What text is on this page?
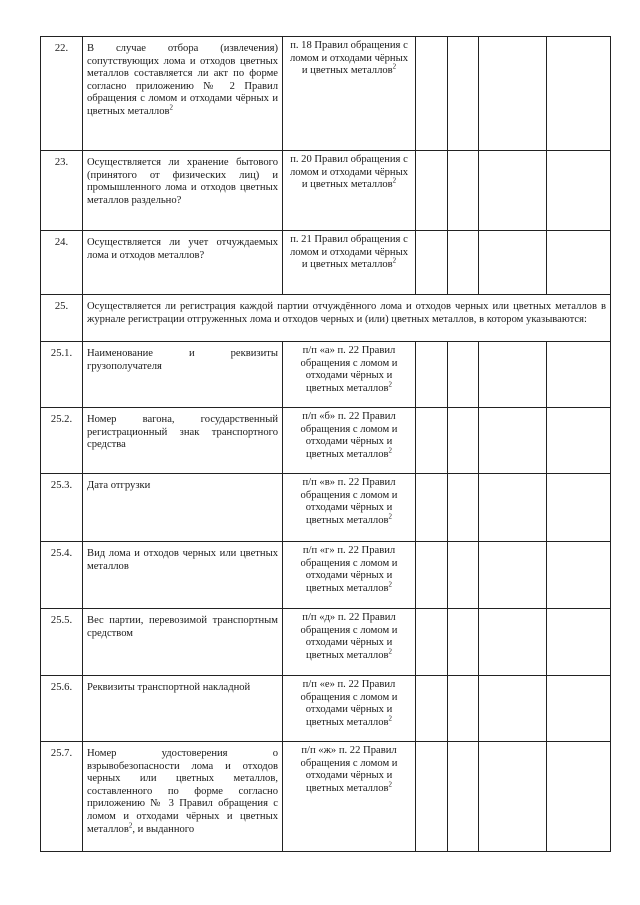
22.	В случае отбора (извлечения) сопутствующих лома и отходов цветных металлов составляется ли акт по форме согласно приложению № 2 Правил обращения с ломом и отходами чёрных и цветных металлов$^2$	п. 18 Правил обращения с ломом и отходами чёрных и цветных металлов$^2$				
23.	Осуществляется ли хранение бытового (принятого от физических лиц) и промышленного лома и отходов цветных металлов раздельно?	п. 20 Правил обращения с ломом и отходами чёрных и цветных металлов$^2$				
24.	Осуществляется ли учет отчуждаемых лома и отходов металлов?	п. 21 Правил обращения с ломом и отходами чёрных и цветных металлов$^2$				
25.	Осуществляется ли регистрация каждой партии отчуждённого лома и отходов черных или цветных металлов в журнале регистрации отгруженных лома и отходов черных и (или) цветных металлов, в котором указываются:					
25.1.	Наименование и реквизиты грузополучателя	п/п «а» п. 22 Правил обращения с ломом и отходами чёрных и цветных металлов$^2$				
25.2.	Номер вагона, государственный регистрационный знак транспортного средства	п/п «б» п. 22 Правил обращения с ломом и отходами чёрных и цветных металлов$^2$				
25.3.	Дата отгрузки	п/п «в» п. 22 Правил обращения с ломом и отходами чёрных и цветных металлов$^2$				
25.4.	Вид лома и отходов черных или цветных металлов	п/п «г» п. 22 Правил обращения с ломом и отходами чёрных и цветных металлов$^2$				
25.5.	Вес партии, перевозимой транспортным средством	п/п «д» п. 22 Правил обращения с ломом и отходами чёрных и цветных металлов$^2$				
25.6.	Реквизиты транспортной накладной	п/п «е» п. 22 Правил обращения с ломом и отходами чёрных и цветных металлов$^2$				
25.7.	Номер удостоверения о взрывобезопасности лома и отходов черных или цветных металлов, составленного по форме согласно приложению № 3 Правил обращения с ломом и отходами чёрных и цветных металлов$^2$, и выданного	п/п «ж» п. 22 Правил обращения с ломом и отходами чёрных и цветных металлов$^2$				
